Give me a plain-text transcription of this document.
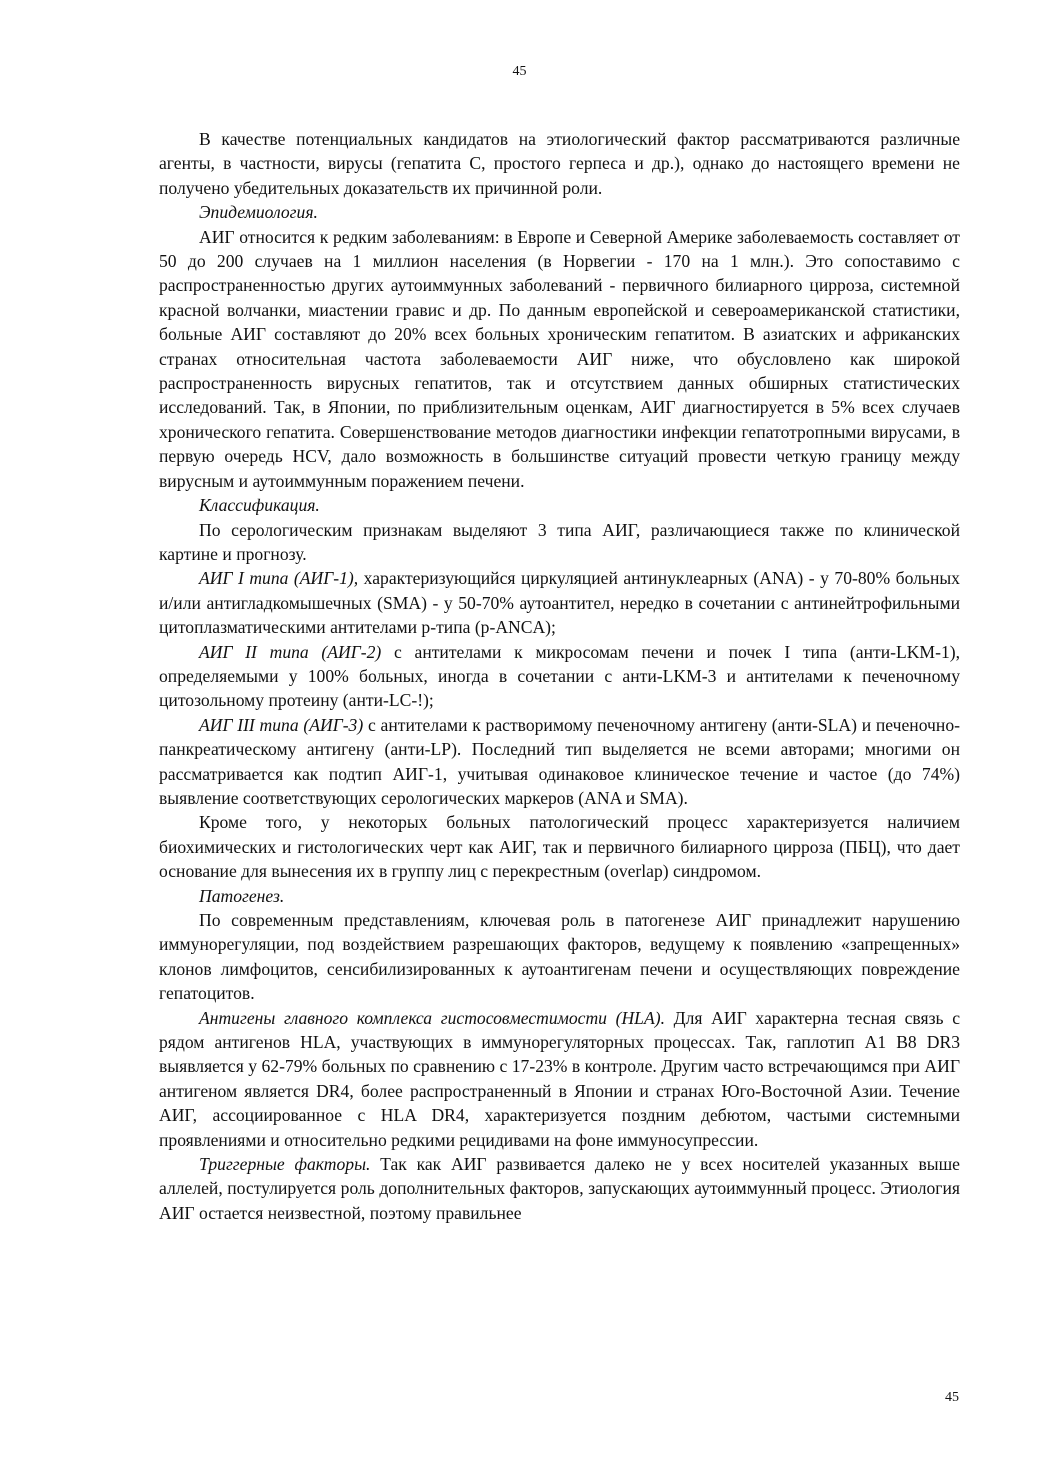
45

В качестве потенциальных кандидатов на этиологический фактор рассматриваются различные агенты, в частности, вирусы (гепатита С, простого герпеса и др.), однако до настоящего времени не получено убедительных доказательств их причинной роли.

Эпидемиология.

АИГ относится к редким заболеваниям: в Европе и Северной Америке заболеваемость составляет от 50 до 200 случаев на 1 миллион населения (в Норвегии - 170 на 1 млн.). Это сопоставимо с распространенностью других аутоиммунных заболеваний - первичного билиарного цирроза, системной красной волчанки, миастении гравис и др. По данным европейской и североамериканской статистики, больные АИГ составляют до 20% всех больных хроническим гепатитом. В азиатских и африканских странах относительная частота заболеваемости АИГ ниже, что обусловлено как широкой распространенность вирусных гепатитов, так и отсутствием данных обширных статистических исследований. Так, в Японии, по приблизительным оценкам, АИГ диагностируется в 5% всех случаев хронического гепатита. Совершенствование методов диагностики инфекции гепатотропными вирусами, в первую очередь HCV, дало возможность в большинстве ситуаций провести четкую границу между вирусным и аутоиммунным поражением печени.

Классификация.

По серологическим признакам выделяют 3 типа АИГ, различающиеся также по клинической картине и прогнозу.

АИГ I типа (АИГ-1), характеризующийся циркуляцией антинуклеарных (ANA) - у 70-80% больных и/или антигладкомышечных (SMA) - у 50-70% аутоантител, нередко в сочетании с антинейтрофильными цитоплазматическими антителами р-типа (р-ANCA);

АИГ II типа (АИГ-2) с антителами к микросомам печени и почек I типа (анти-LKM-1), определяемыми у 100% больных, иногда в сочетании с анти-LKM-3 и антителами к печеночному цитозольному протеину (анти-LC-!);

АИГ III типа (АИГ-3) с антителами к растворимому печеночному антигену (анти-SLA) и печеночно-панкреатическому антигену (анти-LP). Последний тип выделяется не всеми авторами; многими он рассматривается как подтип АИГ-1, учитывая одинаковое клиническое течение и частое (до 74%) выявление соответствующих серологических маркеров (ANA и SMA).

Кроме того, у некоторых больных патологический процесс характеризуется наличием биохимических и гистологических черт как АИГ, так и первичного билиарного цирроза (ПБЦ), что дает основание для вынесения их в группу лиц с перекрестным (overlap) синдромом.

Патогенез.

По современным представлениям, ключевая роль в патогенезе АИГ принадлежит нарушению иммунорегуляции, под воздействием разрешающих факторов, ведущему к появлению «запрещенных» клонов лимфоцитов, сенсибилизированных к аутоантигенам печени и осуществляющих повреждение гепатоцитов.

Антигены главного комплекса гистосовместимости (HLA). Для АИГ характерна тесная связь с рядом антигенов HLA, участвующих в иммунорегуляторных процессах. Так, гаплотип A1 B8 DR3 выявляется у 62-79% больных по сравнению с 17-23% в контроле. Другим часто встречающимся при АИГ антигеном является DR4, более распространенный в Японии и странах Юго-Восточной Азии. Течение АИГ, ассоциированное с HLA DR4, характеризуется поздним дебютом, частыми системными проявлениями и относительно редкими рецидивами на фоне иммуносупрессии.

Триггерные факторы. Так как АИГ развивается далеко не у всех носителей указанных выше аллелей, постулируется роль дополнительных факторов, запускающих аутоиммунный процесс. Этиология АИГ остается неизвестной, поэтому правильнее

45
